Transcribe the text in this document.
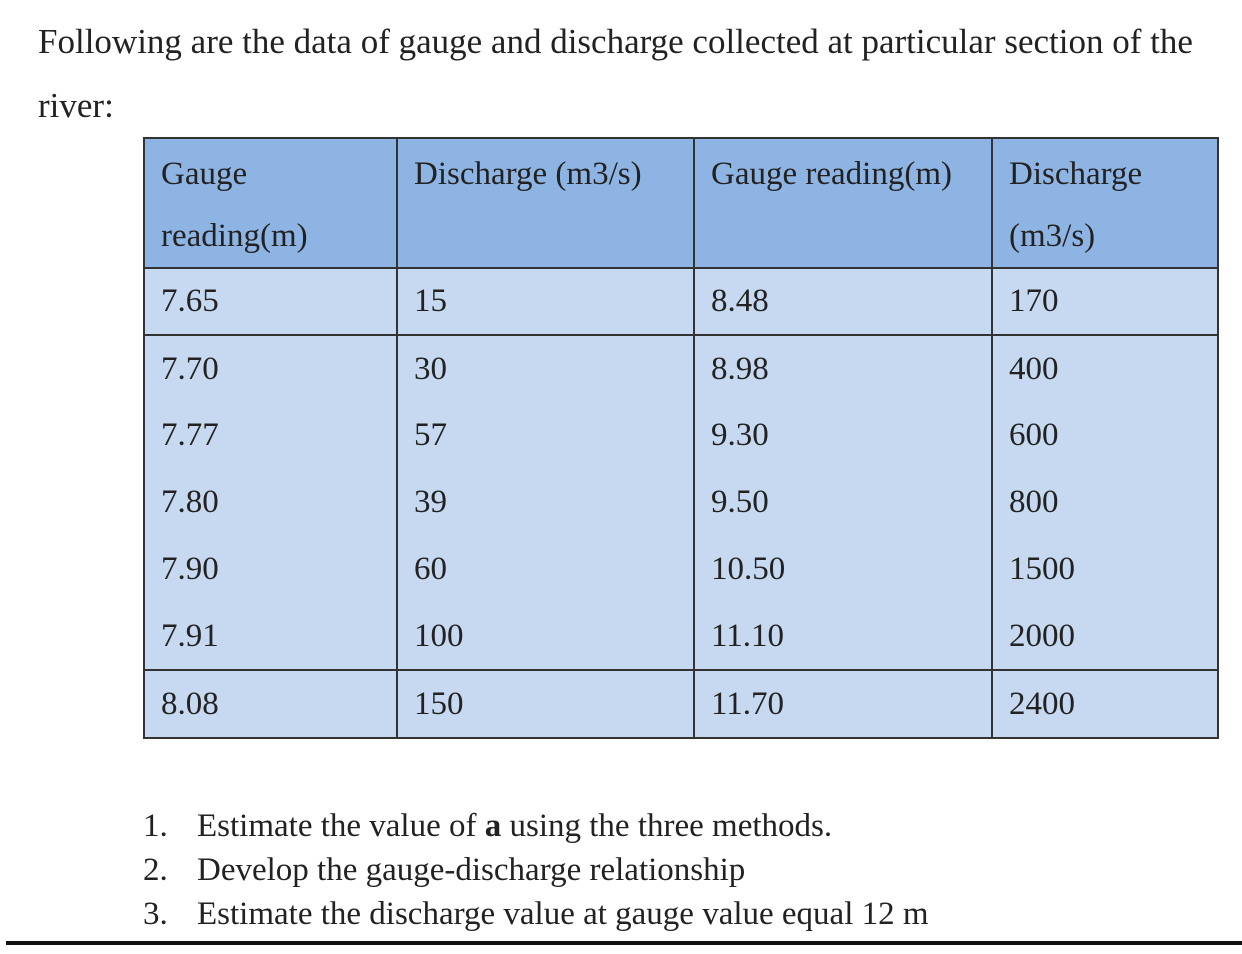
Following are the data of gauge and discharge collected at particular section of the river:

Gauge reading(m)	Discharge (m3/s)	Gauge reading(m)	Discharge (m3/s)
7.65	15	8.48	170
7.70	30	8.98	400
7.77	57	9.30	600
7.80	39	9.50	800
7.90	60	10.50	1500
7.91	100	11.10	2000
8.08	150	11.70	2400
1. Estimate the value of a using the three methods.
2. Develop the gauge-discharge relationship
3. Estimate the discharge value at gauge value equal 12 m
